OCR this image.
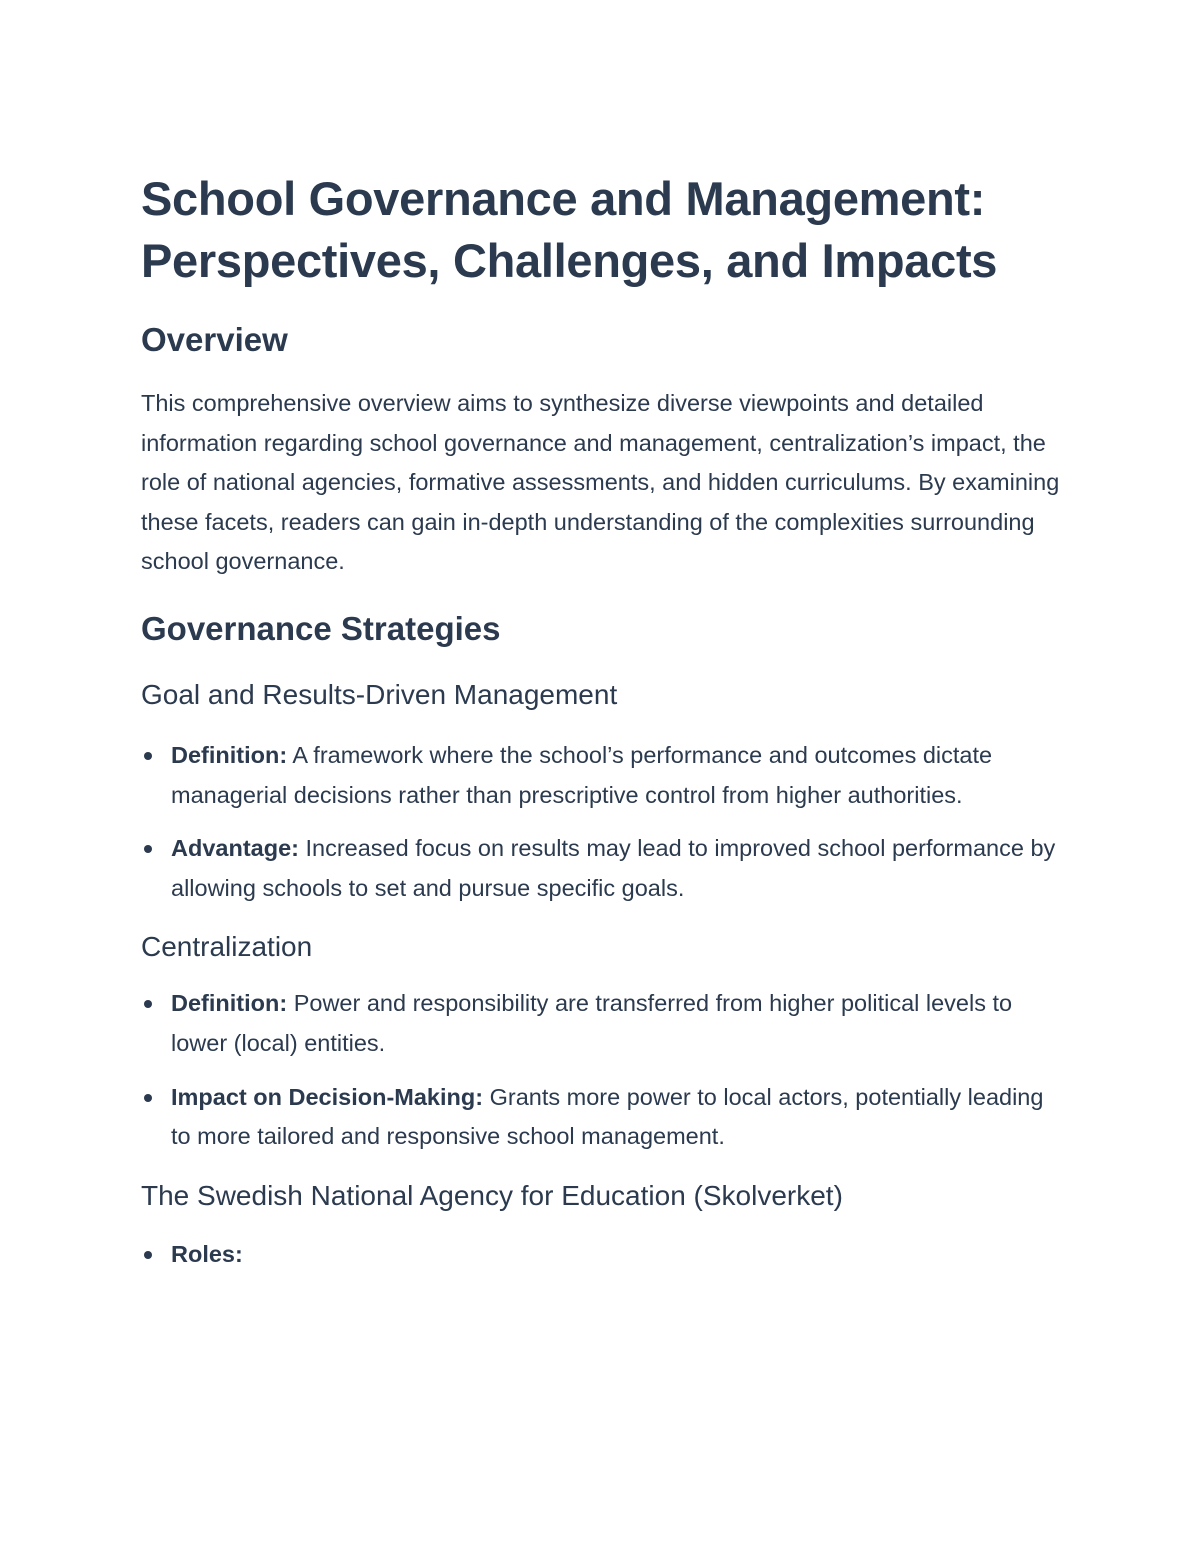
School Governance and Management:
Perspectives, Challenges, and Impacts
Overview

This comprehensive overview aims to synthesize diverse viewpoints and detailed information regarding school governance and management, centralization’s impact, the role of national agencies, formative assessments, and hidden curriculums. By examining these facets, readers can gain in-depth understanding of the complexities surrounding school governance.

Governance Strategies
Goal and Results-Driven Management
Definition: A framework where the school’s performance and outcomes dictate managerial decisions rather than prescriptive control from higher authorities.
Advantage: Increased focus on results may lead to improved school performance by allowing schools to set and pursue specific goals.
Centralization
Definition: Power and responsibility are transferred from higher political levels to lower (local) entities.
Impact on Decision-Making: Grants more power to local actors, potentially leading to more tailored and responsive school management.
The Swedish National Agency for Education (Skolverket)
Roles:
